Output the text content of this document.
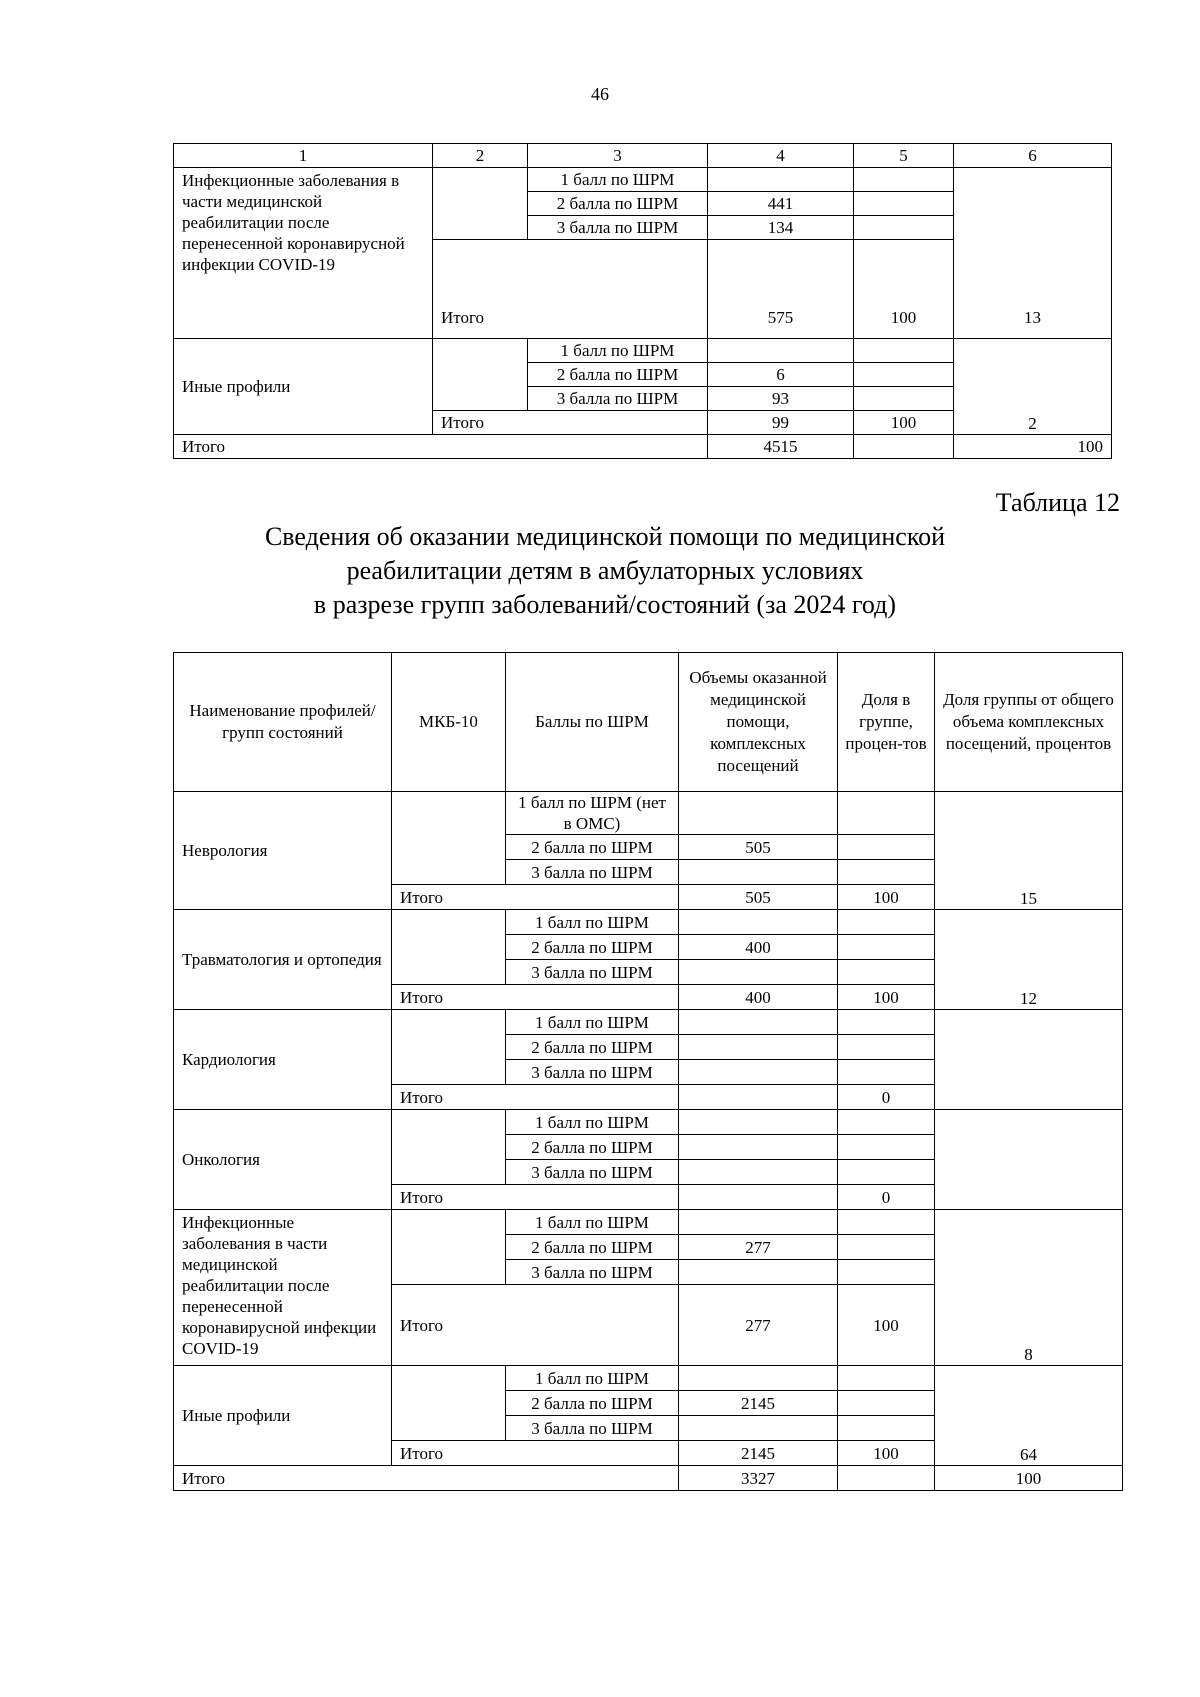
46
1	2	3	4	5	6
Инфекционные заболевания в части медицинской реабилитации после перенесенной коронавирусной инфекции COVID-19		1 балл по ШРМ			13
		2 балла по ШРМ	441		
		3 балла по ШРМ	134		
	Итого		575	100	
Иные профили		1 балл по ШРМ			2
		2 балла по ШРМ	6		
		3 балла по ШРМ	93		
	Итого		99	100	
Итого			4515		100
Таблица 12
Сведения об оказании медицинской помощи по медицинской
реабилитации детям в амбулаторных условиях
в разрезе групп заболеваний/состояний (за 2024 год)
Наименование профилей/групп состояний	МКБ-10	Баллы по ШРМ	Объемы оказанной медицинской помощи, комплексных посещений	Доля в группе, процен-тов	Доля группы от общего объема комплексных посещений, процентов
Неврология		1 балл по ШРМ (нет в ОМС)			15
		2 балла по ШРМ	505		
		3 балла по ШРМ			
	Итого		505	100	
Травматология и ортопедия		1 балл по ШРМ			12
		2 балла по ШРМ	400		
		3 балла по ШРМ			
	Итого		400	100	
Кардиология		1 балл по ШРМ			
		2 балла по ШРМ			
		3 балла по ШРМ			
	Итого			0	
Онкология		1 балл по ШРМ			
		2 балла по ШРМ			
		3 балла по ШРМ			
	Итого			0	
Инфекционные заболевания в части медицинской реабилитации после перенесенной коронавирусной инфекции COVID-19		1 балл по ШРМ			8
		2 балла по ШРМ	277		
		3 балла по ШРМ			
	Итого		277	100	
Иные профили		1 балл по ШРМ			64
		2 балла по ШРМ	2145		
		3 балла по ШРМ			
	Итого		2145	100	
Итого			3327		100
